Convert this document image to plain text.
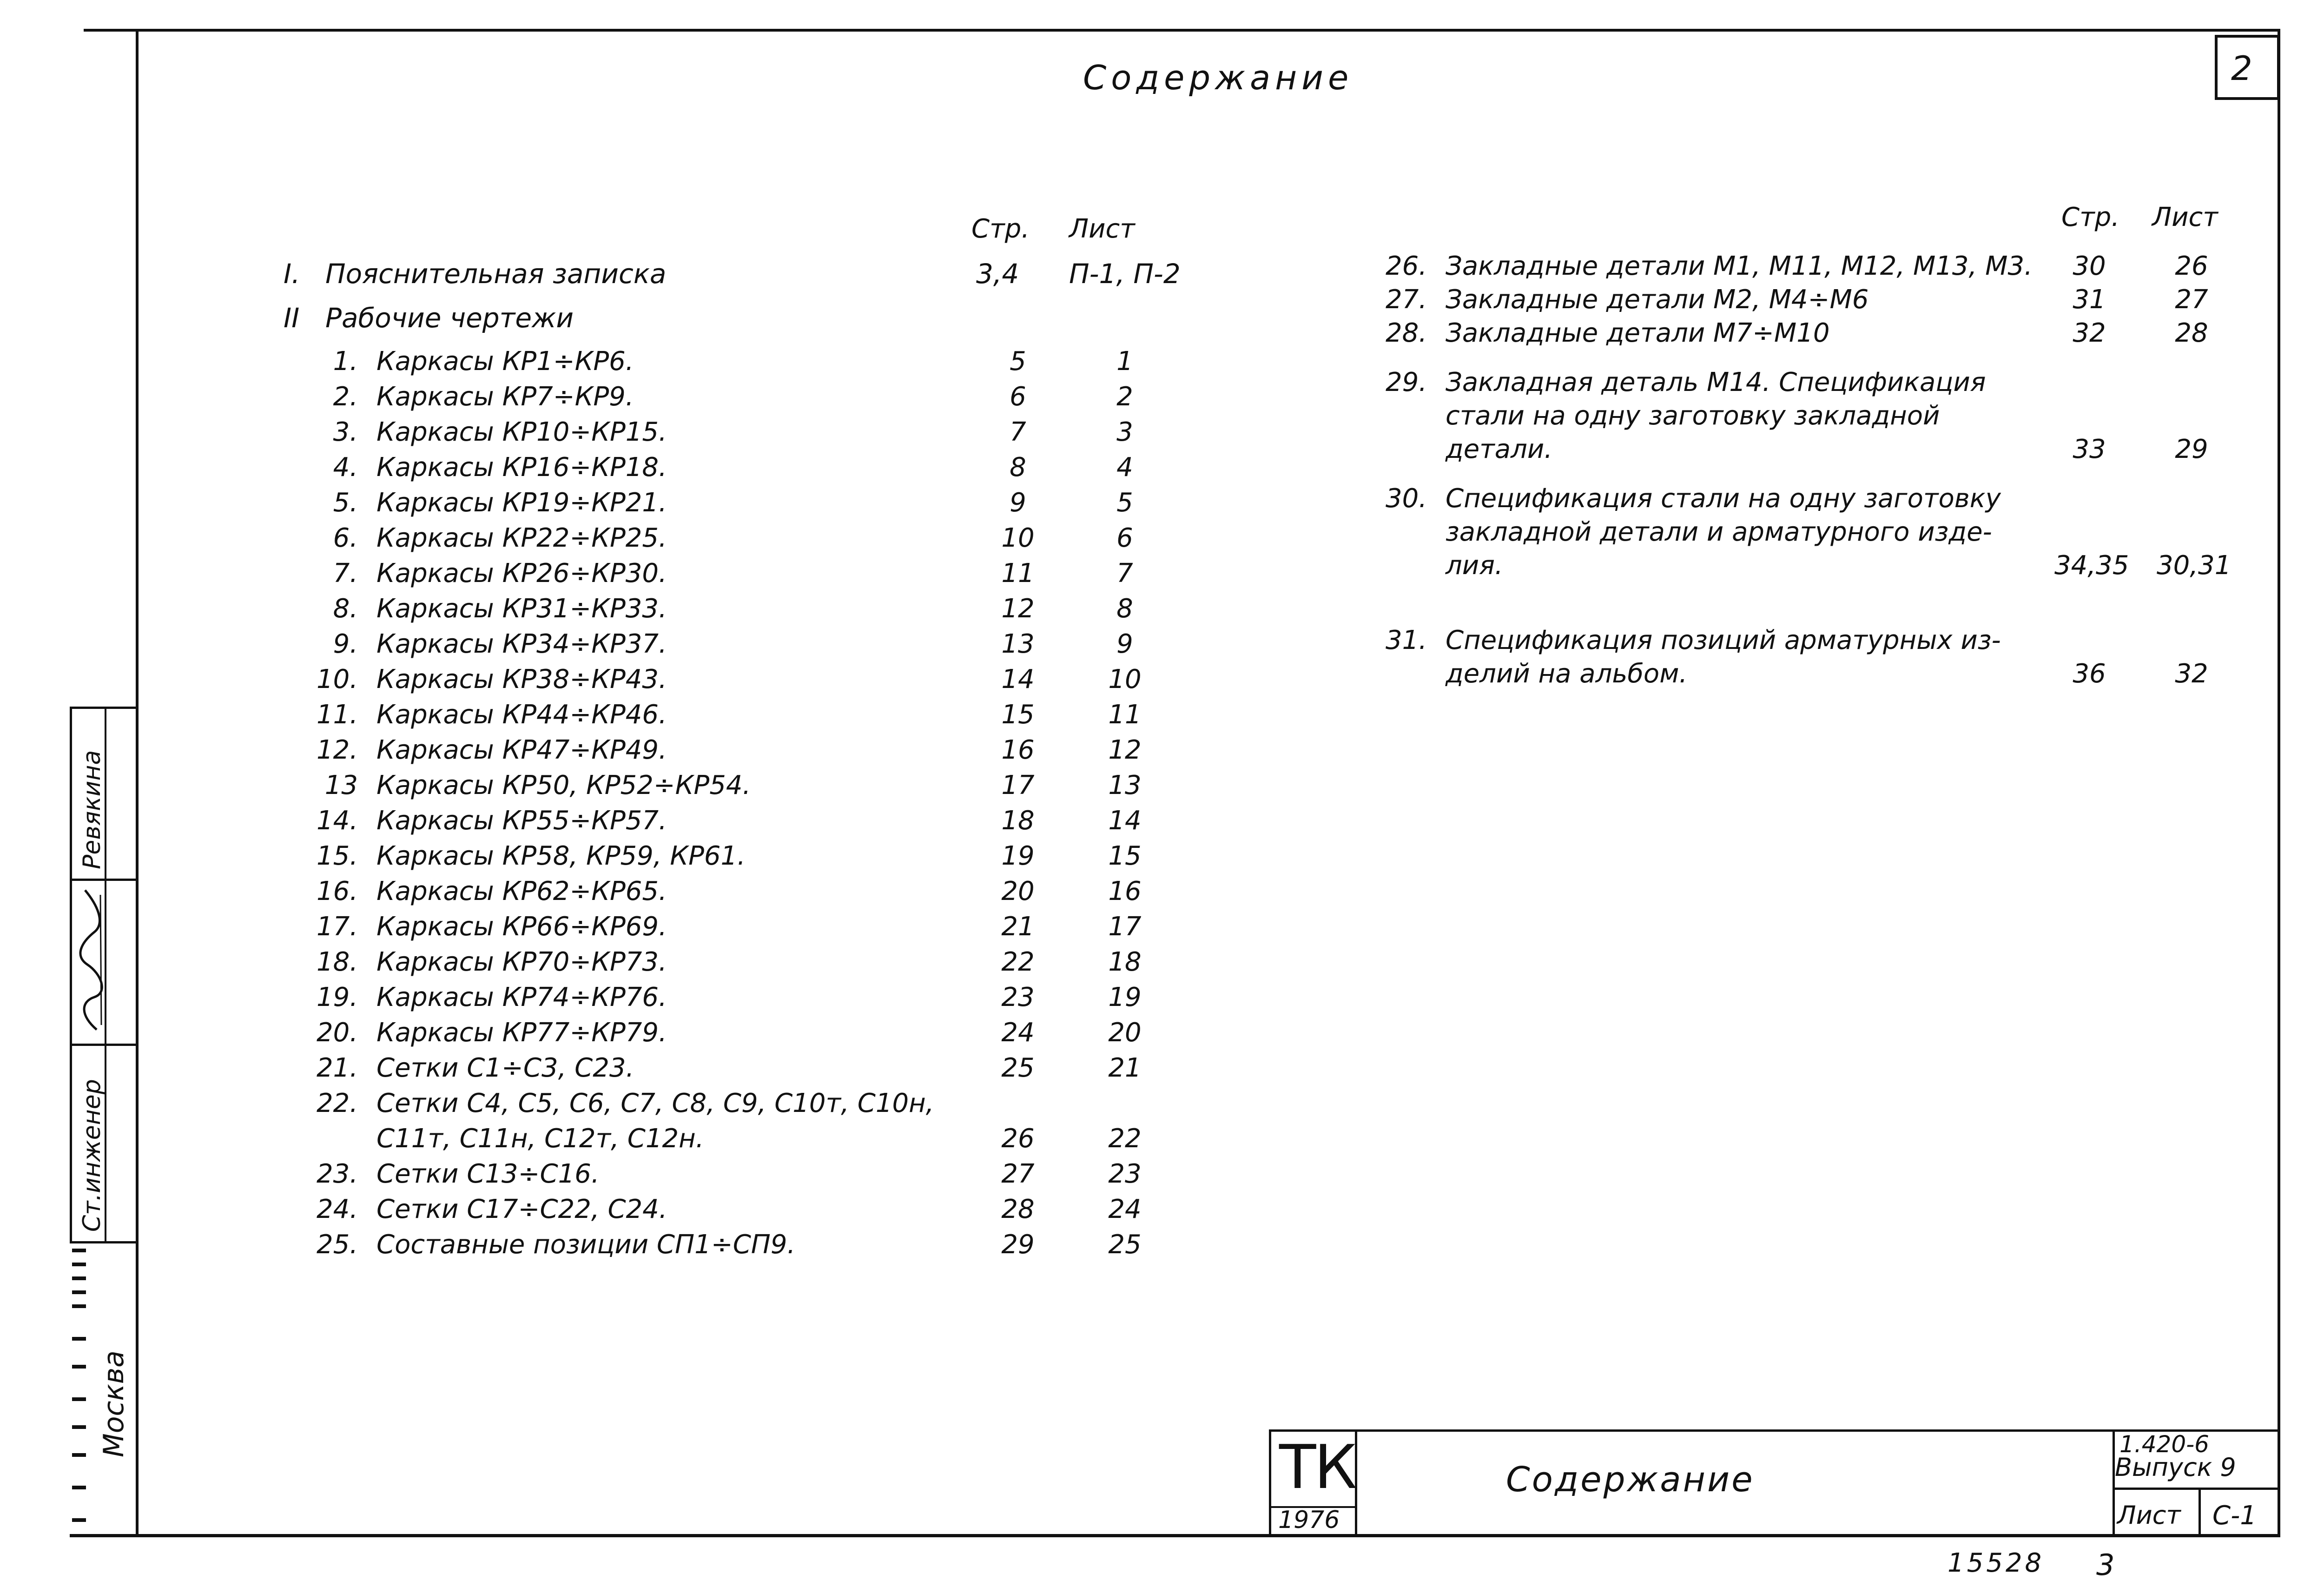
Содержание	2
Стр. Лист
I. Пояснительная записка	3,4 П-1, П-2
II Рабочие чертежи
1. Каркасы КР1÷КР6.	5	1
2. Каркасы КР7÷КР9.	6	2
3. Каркасы КР10÷КР15.	7	3
4. Каркасы КР16÷КР18.	8	4
5. Каркасы КР19÷КР21.	9	5
6. Каркасы КР22÷КР25.	10	6
7. Каркасы КР26÷КР30.	11	7
8. Каркасы КР31÷КР33.	12	8
9. Каркасы КР34÷КР37.	13	9
10. Каркасы КР38÷КР43.	14	10
11. Каркасы КР44÷КР46.	15	11
12. Каркасы КР47÷КР49.	16	12
13 Каркасы КР50, КР52÷КР54.	17	13
14. Каркасы КР55÷КР57.	18	14
15. Каркасы КР58, КР59, КР61.	19	15
16. Каркасы КР62÷КР65.	20	16
17. Каркасы КР66÷КР69.	21	17
18. Каркасы КР70÷КР73.	22	18
19. Каркасы КР74÷КР76.	23	19
20. Каркасы КР77÷КР79.	24	20
21. Сетки С1÷С3, С23.	25	21
22. Сетки С4, С5, С6, С7, С8, С9, С10т, С10н,
С11т, С11н, С12т, С12н.	26	22
23. Сетки С13÷С16.	27	23
24. Сетки С17÷С22, С24.	28	24
25. Составные позиции СП1÷СП9.	29	25
Стр. Лист
26. Закладные детали М1, М11, М12, М13, М3.	30	26
27. Закладные детали М2, М4÷М6	31	27
28. Закладные детали М7÷М10	32	28
29. Закладная деталь М14. Спецификация
стали на одну заготовку закладной
детали.	33	29
30. Спецификация стали на одну заготовку
закладной детали и арматурного изде-
лия.	34,35 30,31
31. Спецификация позиций арматурных из-
делий на альбом.	36	32
Ревякина
Ст.инженер
Москва
ТК
1976
Содержание
1.420-6
Выпуск 9
Лист С-1
15528 3
